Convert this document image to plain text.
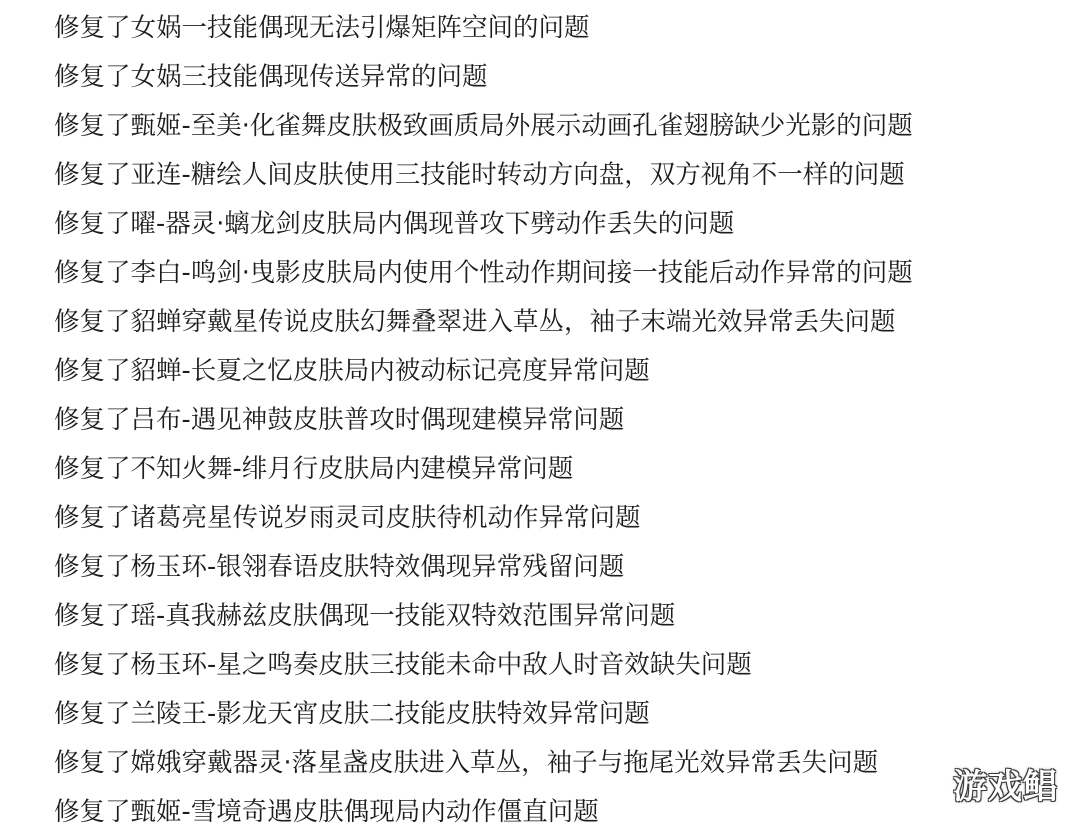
修复了女娲一技能偶现无法引爆矩阵空间的问题
修复了女娲三技能偶现传送异常的问题
修复了甄姬-至美·化雀舞皮肤极致画质局外展示动画孔雀翅膀缺少光影的问题
修复了亚连-糖绘人间皮肤使用三技能时转动方向盘，双方视角不一样的问题
修复了曜-器灵·螭龙剑皮肤局内偶现普攻下劈动作丢失的问题
修复了李白-鸣剑·曳影皮肤局内使用个性动作期间接一技能后动作异常的问题
修复了貂蝉穿戴星传说皮肤幻舞叠翠进入草丛，袖子末端光效异常丢失问题
修复了貂蝉-长夏之忆皮肤局内被动标记亮度异常问题
修复了吕布-遇见神鼓皮肤普攻时偶现建模异常问题
修复了不知火舞-绯月行皮肤局内建模异常问题
修复了诸葛亮星传说岁雨灵司皮肤待机动作异常问题
修复了杨玉环-银翎春语皮肤特效偶现异常残留问题
修复了瑶-真我赫兹皮肤偶现一技能双特效范围异常问题
修复了杨玉环-星之鸣奏皮肤三技能未命中敌人时音效缺失问题
修复了兰陵王-影龙天宵皮肤二技能皮肤特效异常问题
修复了嫦娥穿戴器灵·落星盏皮肤进入草丛，袖子与拖尾光效异常丢失问题
修复了甄姬-雪境奇遇皮肤偶现局内动作僵直问题
游戏鲳
